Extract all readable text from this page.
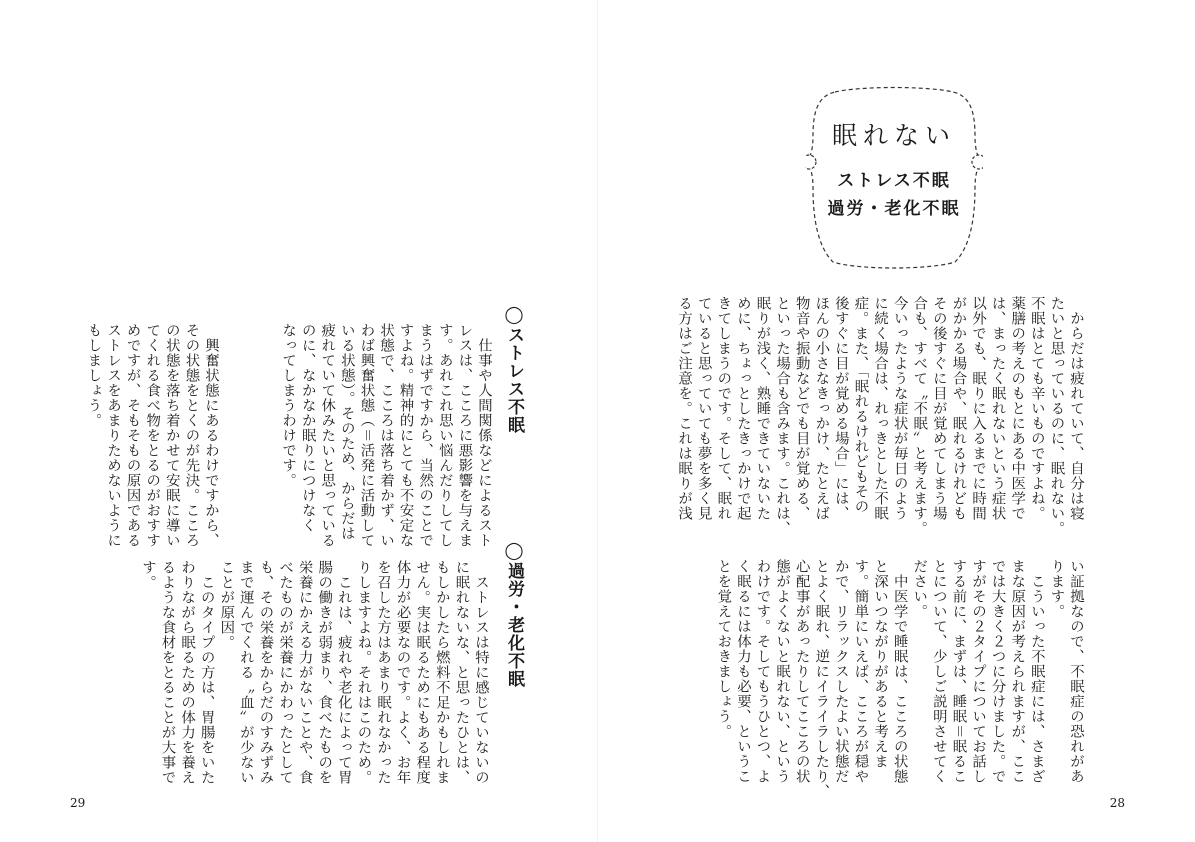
◯ストレス不眠
　仕事や人間関係などによるスト
レスは、こころに悪影響を与えま
す。あれこれ思い悩んだりしてし
まうはずですから、当然のことで
すよね。精神的にとても不安定な
状態で、こころは落ち着かず、い
わば興奮状態（＝活発に活動して
いる状態）。そのため、からだは
疲れていて休みたいと思っている
のに、なかなか眠りにつけなく
なってしまうわけです。
　興奮状態にあるわけですから、
その状態をとくのが先決。こころ
の状態を落ち着かせて安眠に導い
てくれる食べ物をとるのがおすす
めですが、そもそもの原因である
ストレスをあまりためないように
もしましょう。
◯過労・老化不眠
　ストレスは特に感じていないの
に眠れないな、と思ったひとは、
もしかしたら燃料不足かもしれま
せん。実は眠るためにもある程度
体力が必要なのです。よく、お年
を召した方はあまり眠れなかった
りしますよね。それはこのため。
　これは、疲れや老化によって胃
腸の働きが弱まり、食べたものを
栄養にかえる力がないことや、食
べたものが栄養にかわったとして
も、その栄養をからだのすみずみ
まで運んでくれる〝血〟が少ない
ことが原因。
　このタイプの方は、胃腸をいた
わりながら眠るための体力を養え
るような食材をとることが大事で
す。
29
眠れない
ストレス不眠
過労・老化不眠
　からだは疲れていて、自分は寝
たいと思っているのに、眠れない。
不眠はとても辛いものですよね。
薬膳の考えのもとにある中医学で
は、まったく眠れないという症状
以外でも、眠りに入るまでに時間
がかかる場合や、眠れるけれども
その後すぐに目が覚めてしまう場
合も、すべて〝不眠〟と考えます。
今いったような症状が毎日のよう
に続く場合は、れっきとした不眠
症。また、「眠れるけれどもその
後すぐに目が覚める場合」には、
ほんの小さなきっかけ、たとえば
物音や振動などでも目が覚める、
といった場合も含みます。これは、
眠りが浅く、熟睡できていないた
めに、ちょっとしたきっかけで起
きてしまうのです。そして、眠れ
ていると思っていても夢を多く見
る方はご注意を。これは眠りが浅
い証拠なので、不眠症の恐れがあ
ります。
　こういった不眠症には、さまざ
まな原因が考えられますが、ここ
では大きく２つに分けました。で
すがその２タイプについてお話し
する前に、まずは、睡眠＝眠るこ
とについて、少しご説明させてく
ださい。
　中医学で睡眠は、こころの状態
と深いつながりがあると考えま
す。簡単にいえば、こころが穏や
かで、リラックスしたよい状態だ
とよく眠れ、逆にイライラしたり、
心配事があったりしてこころの状
態がよくないと眠れない、という
わけです。そしてもうひとつ、よ
く眠るには体力も必要、というこ
とを覚えておきましょう。
28
